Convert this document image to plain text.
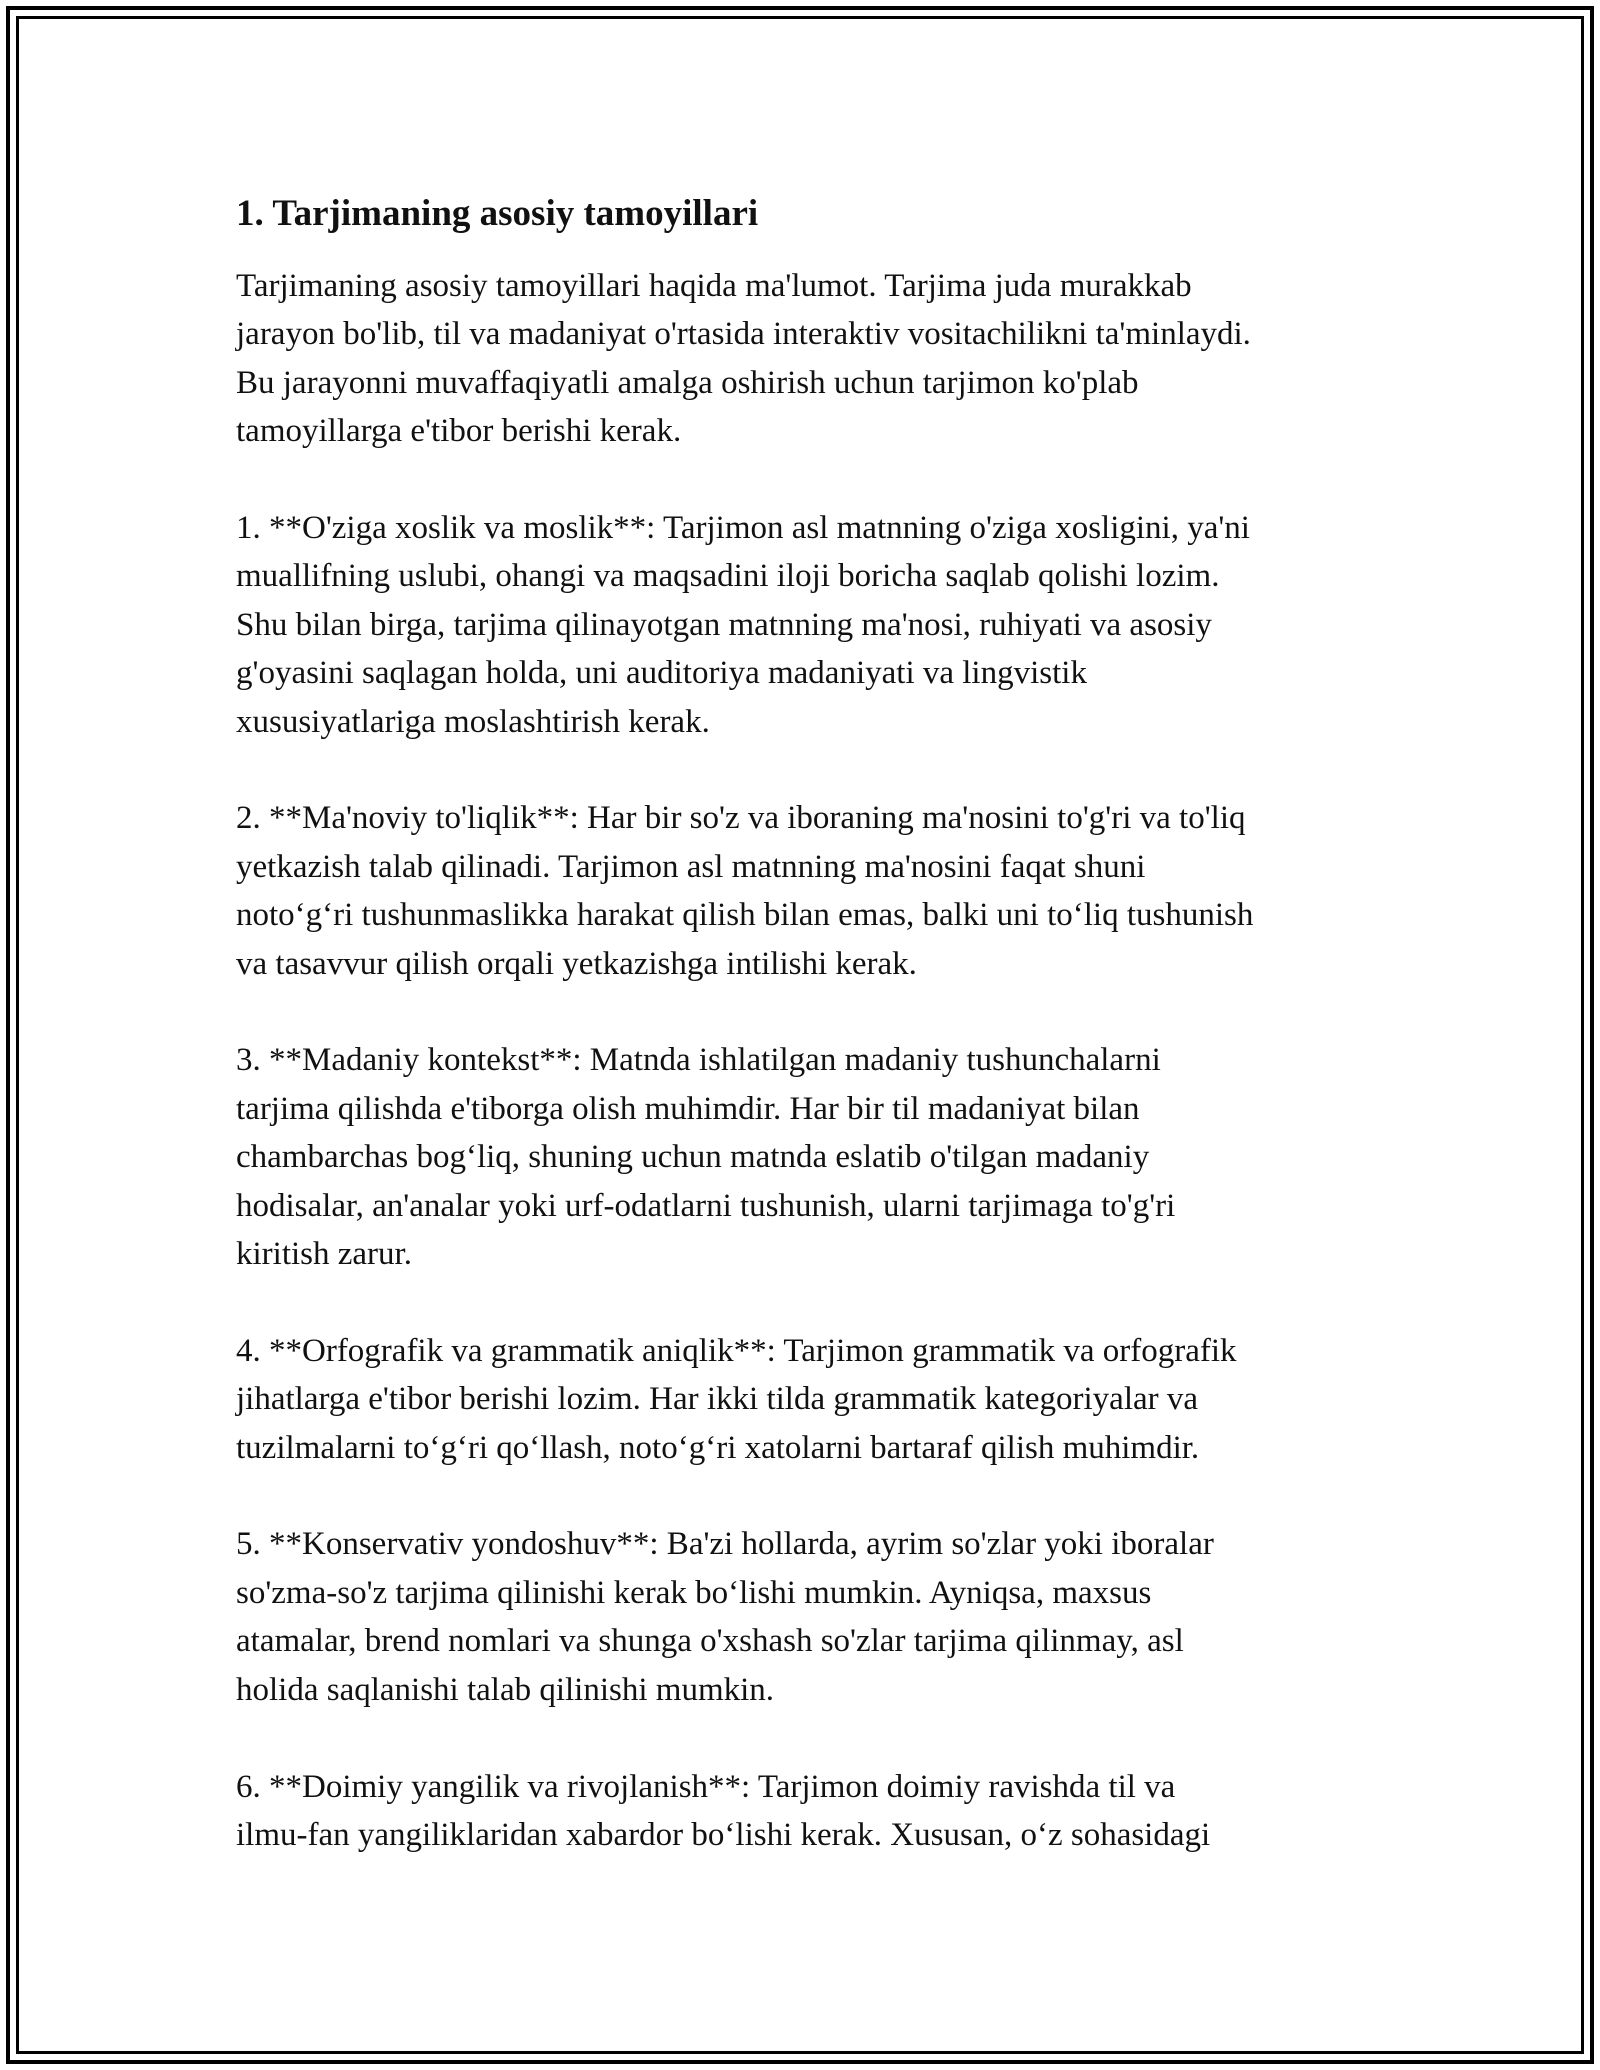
1. Tarjimaning asosiy tamoyillari

Tarjimaning asosiy tamoyillari haqida ma'lumot. Tarjima juda murakkab
jarayon bo'lib, til va madaniyat o'rtasida interaktiv vositachilikni ta'minlaydi.
Bu jarayonni muvaffaqiyatli amalga oshirish uchun tarjimon ko'plab
tamoyillarga e'tibor berishi kerak.

1. **O'ziga xoslik va moslik**: Tarjimon asl matnning o'ziga xosligini, ya'ni
muallifning uslubi, ohangi va maqsadini iloji boricha saqlab qolishi lozim.
Shu bilan birga, tarjima qilinayotgan matnning ma'nosi, ruhiyati va asosiy
g'oyasini saqlagan holda, uni auditoriya madaniyati va lingvistik
xususiyatlariga moslashtirish kerak.

2. **Ma'noviy to'liqlik**: Har bir so'z va iboraning ma'nosini to'g'ri va to'liq
yetkazish talab qilinadi. Tarjimon asl matnning ma'nosini faqat shuni
noto‘g‘ri tushunmaslikka harakat qilish bilan emas, balki uni to‘liq tushunish
va tasavvur qilish orqali yetkazishga intilishi kerak.

3. **Madaniy kontekst**: Matnda ishlatilgan madaniy tushunchalarni
tarjima qilishda e'tiborga olish muhimdir. Har bir til madaniyat bilan
chambarchas bog‘liq, shuning uchun matnda eslatib o'tilgan madaniy
hodisalar, an'analar yoki urf-odatlarni tushunish, ularni tarjimaga to'g'ri
kiritish zarur.

4. **Orfografik va grammatik aniqlik**: Tarjimon grammatik va orfografik
jihatlarga e'tibor berishi lozim. Har ikki tilda grammatik kategoriyalar va
tuzilmalarni to‘g‘ri qo‘llash, noto‘g‘ri xatolarni bartaraf qilish muhimdir.

5. **Konservativ yondoshuv**: Ba'zi hollarda, ayrim so'zlar yoki iboralar
so'zma-so'z tarjima qilinishi kerak bo‘lishi mumkin. Ayniqsa, maxsus
atamalar, brend nomlari va shunga o'xshash so'zlar tarjima qilinmay, asl
holida saqlanishi talab qilinishi mumkin.

6. **Doimiy yangilik va rivojlanish**: Tarjimon doimiy ravishda til va
ilmu-fan yangiliklaridan xabardor bo‘lishi kerak. Xususan, o‘z sohasidagi
